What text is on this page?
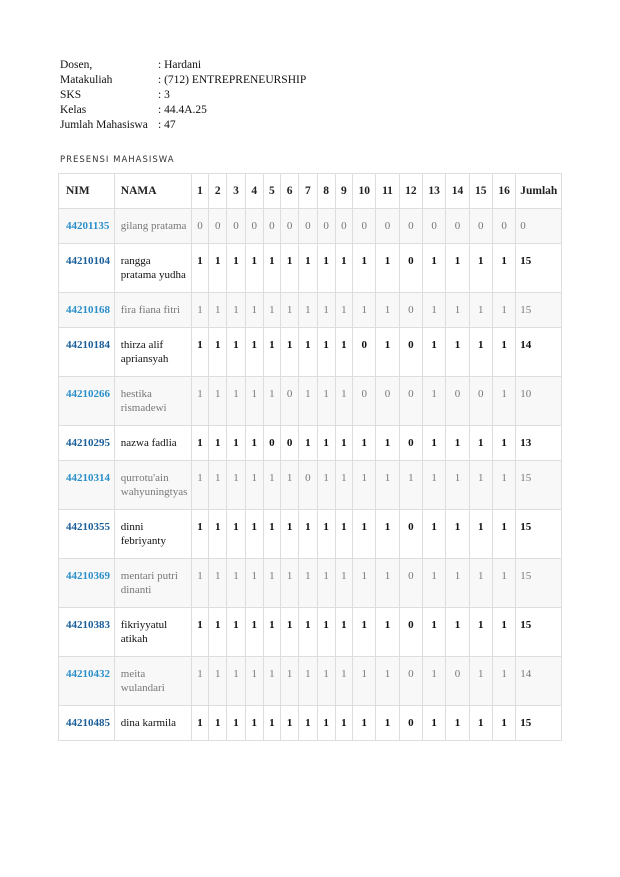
Dosen,	: Hardani
Matakuliah	: (712) ENTREPRENEURSHIP
SKS	: 3
Kelas	: 44.4A.25
Jumlah Mahasiswa : 47
PRESENSI MAHASISWA
NIM	NAMA	1	2	3	4	5	6	7	8	9	10	11	12	13	14	15	16	Jumlah
442011​35	gilang pratama	0	0	0	0	0	0	0	0	0	0	0	0	0	0	0	0	0
442101​04	rangga pratama yudha	1	1	1	1	1	1	1	1	1	1	1	0	1	1	1	1	15
442101​68	fira fiana fitri	1	1	1	1	1	1	1	1	1	1	1	0	1	1	1	1	15
442101​84	thirza alif apriansyah	1	1	1	1	1	1	1	1	1	0	1	0	1	1	1	1	14
442102​66	hestika rismadewi	1	1	1	1	1	0	1	1	1	0	0	0	1	0	0	1	10
442102​95	nazwa fadlia	1	1	1	1	0	0	1	1	1	1	1	0	1	1	1	1	13
442103​14	qurrotu'ain wahyuningtyas	1	1	1	1	1	1	0	1	1	1	1	1	1	1	1	1	15
442103​55	dinni febriyanty	1	1	1	1	1	1	1	1	1	1	1	0	1	1	1	1	15
442103​69	mentari putri dinanti	1	1	1	1	1	1	1	1	1	1	1	0	1	1	1	1	15
442103​83	fikriyyatul atikah	1	1	1	1	1	1	1	1	1	1	1	0	1	1	1	1	15
442104​32	meita wulandari	1	1	1	1	1	1	1	1	1	1	1	0	1	0	1	1	14
442104​85	dina karmila	1	1	1	1	1	1	1	1	1	1	1	0	1	1	1	1	15
